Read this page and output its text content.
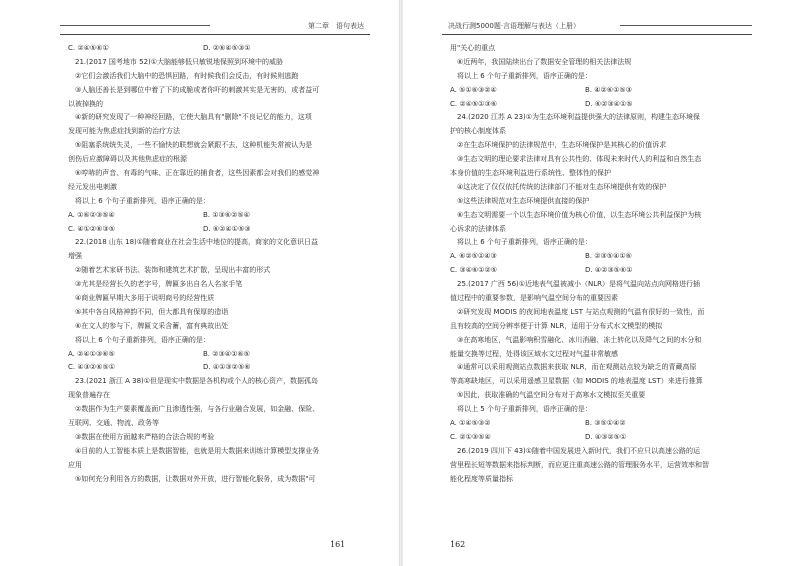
第二章　语句表达
C. ②④⑤⑥①	D. ②⑥④⑤③①
21.(2017 国考地市 52)①大脑能够低只敏锐地保照到环境中的威胁
②它们会激活我们大脑中的恐惧回路，有时候我们会反击，有时候则逃跑
③人脑还善长是到哪位中着了下的成脆或者你吓的刺激其实是无害的，或者益可
以被掉换的
④新的研究发现了一种神经回路，它使大脑具有"删除"不良记忆的能力，这项
发现可能为焦虑症找到新的治疗方法
⑤阻塞系统统失灵，一些不愉快的联想就会紧跟不去，这种机能失常被认为是
创伤后应激障碍以及其他焦虑症的根源
⑥哼哧的声音、有毒的气味、正在靠近的捕食者，这些因素都会对我们的感觉神
经元发出电刺激
将以上 6 个句子重新排列，语序正确的是：
A. ①⑥②③⑤④	B. ①③⑥②⑤④
C. ④①②⑥③⑤	D. ⑥②④①⑤③
22.(2018 山东 18)①随着商业在社会生活中地位的提高，商家的文化意识日益
增强
②随着艺术家研书法、装饰和建筑艺术扩散，呈现出丰富的形式
③尤其是经营长久的老字号，牌匾多出自名人名家手笔
④商业牌匾早期大多用于说明商号的经营性质
⑤其中各自风格神韵不同，但大都具有保厚的造诣
⑥在文人的参与下，牌匾文采含蓄，富有典故出处
将以上 6 个句子重新排列，语序正确的是：
A. ②④①③⑥⑤	B. ②③④①⑥⑤
C. ④③②⑥⑤①	D. ④①③②⑤⑥
23.(2021 浙江 A 38)①但是现实中数据是各机构或个人的核心资产，数据孤岛
现象普遍存在
②数据作为生产要素覆盖面广且渗透性强，与各行业融合发展，如金融、保险、
互联网、交通、物流、政务等
③数据在使用方面越来严格的合法合规的考验
④目前的人工智能本质上是数据智能，也就是用大数据来训练计算模型支撑业务
应用
⑤如何充分利用各方的数据，让数据对外开放，进行智能化服务，成为数据"可
161
决战行测5000题·言语理解与表达（上册）
用"关心的重点
⑥近两年，我国陆续出台了数据安全管理的相关法律法规
将以上 6 个句子重新排列，语序正确的是：
A. ⑤①⑥③②④	B. ④②⑥①⑤③
C. ②④⑤①③⑥	D. ⑥②③④①⑤
24.(2020 江苏 A 23)①为生态环境利益提供强大的法律原则，构建生态环境保
护的核心制度体系
②在生态环境保护的法律规范中，生态环境保护是其核心的价值诉求
③生态文明的理论要求法律对具有公共性的、体现未来时代人的利益和自然生态
本身价值的生态环境利益进行系统性、整体性的保护
④这决定了仅仅依托传统的法律部门不能对生态环境提供有效的保护
⑤这些法律规范对生态环境提供直接的保护
⑥生态文明需要一个以生态环境价值为核心价值，以生态环境公共利益保护为核
心诉求的法律体系
将以上 6 个句子重新排列，语序正确的是：
A. ⑥②⑤①④③	B. ②③⑤④①⑥
C. ③④⑥①②⑤	D. ④②③⑤⑥①
25.(2017 广西 56)①近地表气温被减小（NLR）是将气温向站点向网格进行插
值过程中的重要参数，是影响气温空间分布的重要因素
②研究发现 MODIS 的夜间地表温度 LST 与站点观测的气温有很好的一致性，而
且有较高的空间分辨率便于计算 NLR，适用于分布式水文模型的模拟
③在高寒地区，气温影响积雪融化、冰川消融、冻土转化以及降气之间的水分和
能量交换等过程，处得该区域水文过程对气温非常敏感
④通常可以采用观测站点数据来获取 NLR，而在观测站点较为缺乏的青藏高原
等高寒缺地区，可以采用遥感卫星数据（如 MODIS 的地表温度 LST）来进行推算
⑤因此，获取准确的气温空间分布对于高寒水文模拟至关重要
将以上 5 个句子重新排列，语序正确的是：
A. ①④⑤③②	B. ③⑤①④②
C. ②①③⑤④	D. ④③②⑤①
26.(2019 四川下 43)①随着中国发展进入新时代，我们不应只以高速公路的运
营里程长短等数据来指标判断，而应更注重高速公路的管理服务水平，运营效率和智
能化程度等质量指标
162
